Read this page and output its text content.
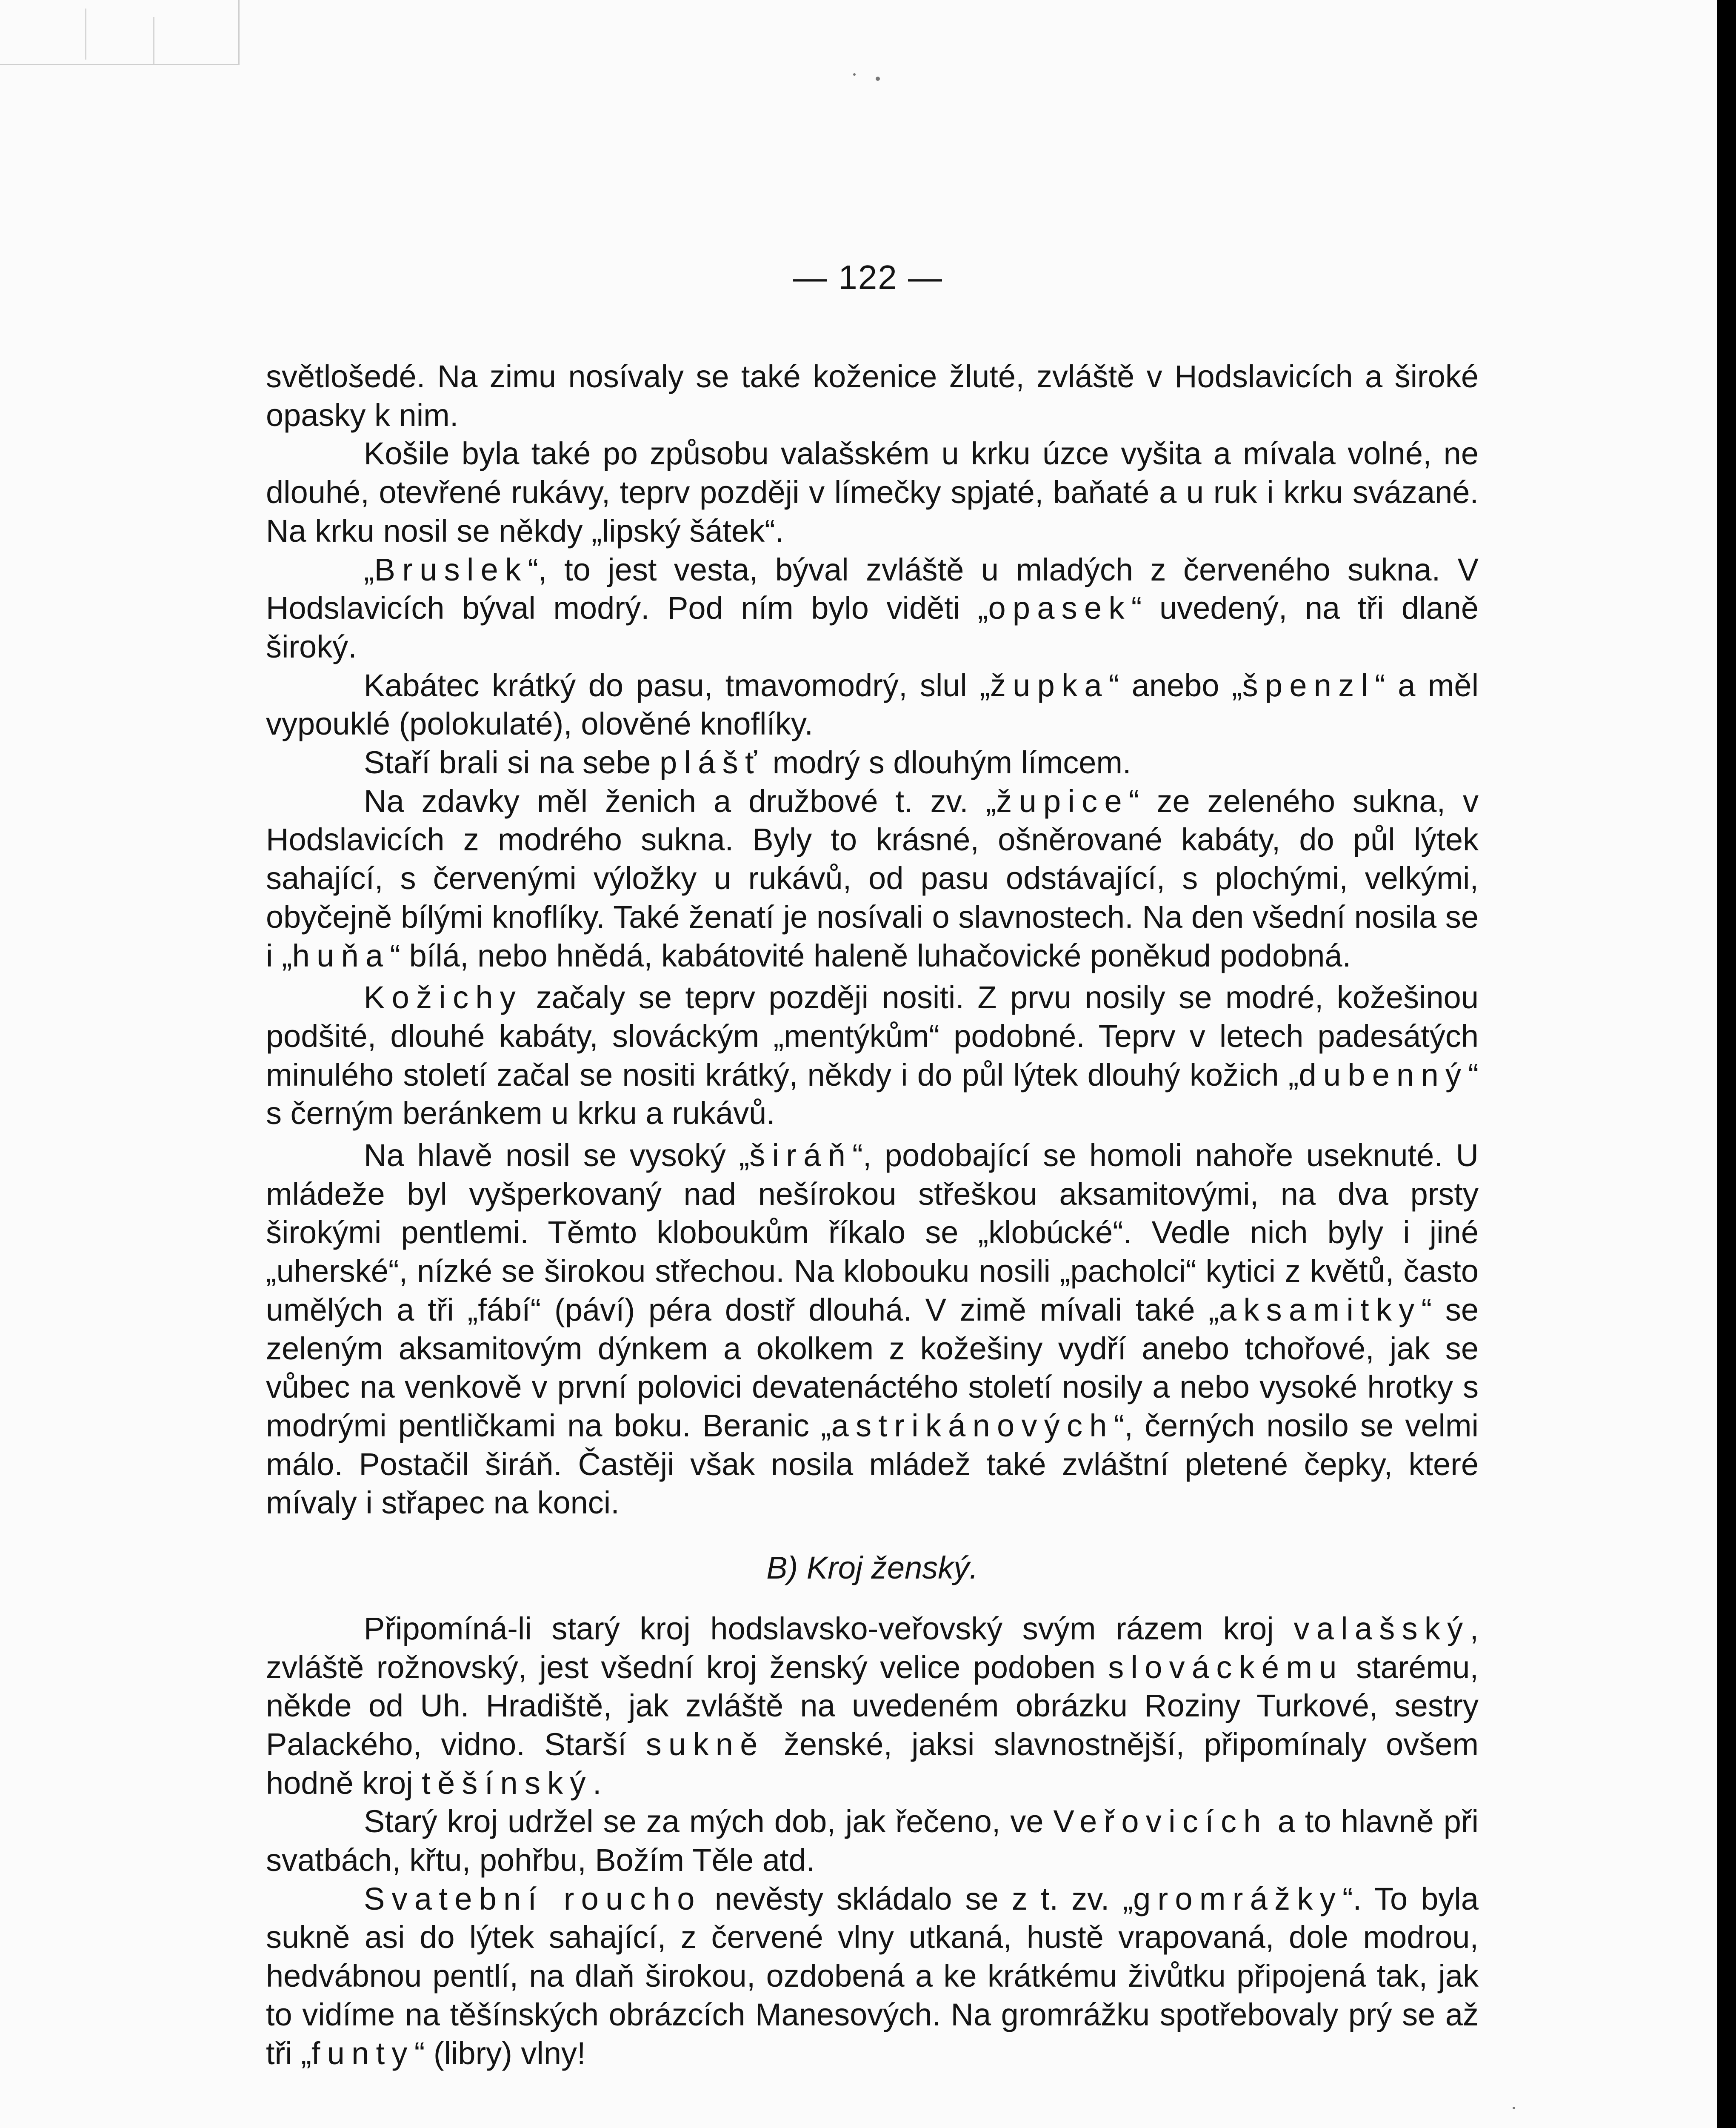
— 122 —

světlošedé. Na zimu nosívaly se také koženice žluté, zvláště v Hodslavicích a široké opasky k nim.

Košile byla také po způsobu valašském u krku úzce vyšita a mívala volné, ne dlouhé, otevřené rukávy, teprv později v límečky spjaté, baňaté a u ruk i krku svázané. Na krku nosil se někdy „lipský šátek“.

„Bruslek“, to jest vesta, býval zvláště u mladých z červeného sukna. V Hodslavicích býval modrý. Pod ním bylo viděti „opasek“ uvedený, na tři dlaně široký.

Kabátec krátký do pasu, tmavomodrý, slul „župka“ anebo „špenzl“ a měl vypouklé (polokulaté), olověné knoflíky.

Staří brali si na sebe plášť modrý s dlouhým límcem.

Na zdavky měl ženich a družbové t. zv. „župice“ ze zeleného sukna, v Hodslavicích z modrého sukna. Byly to krásné, ošněrované kabáty, do půl lýtek sahající, s červenými výložky u rukávů, od pasu odstávající, s plochými, velkými, obyčejně bílými knoflíky. Také ženatí je nosívali o slavnostech. Na den všední nosila se i „huňa“ bílá, nebo hnědá, kabátovité haleně luhačovické poněkud podobná.

Kožichy začaly se teprv později nositi. Z prvu nosily se modré, kožešinou podšité, dlouhé kabáty, slováckým „mentýkům“ podobné. Teprv v letech padesátých minulého století začal se nositi krátký, někdy i do půl lýtek dlouhý kožich „dubenný“ s černým beránkem u krku a rukávů.

Na hlavě nosil se vysoký „širáň“, podobající se homoli nahoře useknuté. U mládeže byl vyšperkovaný nad nešírokou střeškou aksamitovými, na dva prsty širokými pentlemi. Těmto kloboukům říkalo se „klobúcké“. Vedle nich byly i jiné „uherské“, nízké se širokou střechou. Na klobouku nosili „pacholci“ kytici z květů, často umělých a tři „fábí“ (páví) péra dostř dlouhá. V zimě mívali také „aksamitky“ se zeleným aksamitovým dýnkem a okolkem z kožešiny vydří anebo tchořové, jak se vůbec na venkově v první polovici devatenáctého století nosily a nebo vysoké hrotky s modrými pentličkami na boku. Beranic „astrikánových“, černých nosilo se velmi málo. Postačil širáň. Častěji však nosila mládež také zvláštní pletené čepky, které mívaly i střapec na konci.

B) Kroj ženský.

Připomíná-li starý kroj hodslavsko-veřovský svým rázem kroj valašský, zvláště rožnovský, jest všední kroj ženský velice podoben slováckému starému, někde od Uh. Hradiště, jak zvláště na uvedeném obrázku Roziny Turkové, sestry Palackého, vidno. Starší sukně ženské, jaksi slavnostnější, připomínaly ovšem hodně kroj těšínský.

Starý kroj udržel se za mých dob, jak řečeno, ve Veřovicích a to hlavně při svatbách, křtu, pohřbu, Božím Těle atd.

Svatební roucho nevěsty skládalo se z t. zv. „gromrážky“. To byla sukně asi do lýtek sahající, z červené vlny utkaná, hustě vrapovaná, dole modrou, hedvábnou pentlí, na dlaň širokou, ozdobená a ke krátkému živůtku připojená tak, jak to vidíme na těšínských obrázcích Manesových. Na gromrážku spotřebovaly prý se až tři „funty“ (libry) vlny!
